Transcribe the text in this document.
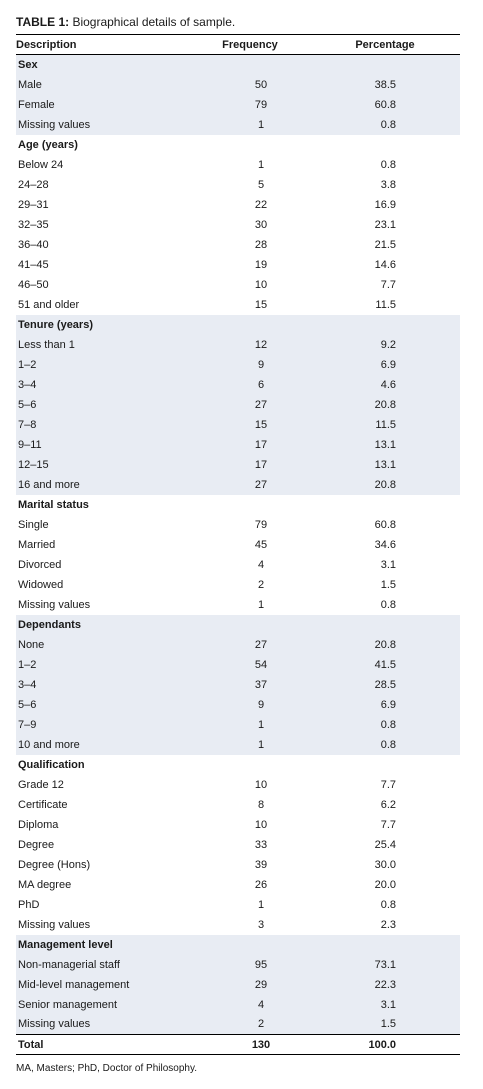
TABLE 1: Biographical details of sample.
Description	Frequency	Percentage
Sex		
Male	50	38.5
Female	79	60.8
Missing values	1	0.8
Age (years)		
Below 24	1	0.8
24–28	5	3.8
29–31	22	16.9
32–35	30	23.1
36–40	28	21.5
41–45	19	14.6
46–50	10	7.7
51 and older	15	11.5
Tenure (years)		
Less than 1	12	9.2
1–2	9	6.9
3–4	6	4.6
5–6	27	20.8
7–8	15	11.5
9–11	17	13.1
12–15	17	13.1
16 and more	27	20.8
Marital status		
Single	79	60.8
Married	45	34.6
Divorced	4	3.1
Widowed	2	1.5
Missing values	1	0.8
Dependants		
None	27	20.8
1–2	54	41.5
3–4	37	28.5
5–6	9	6.9
7–9	1	0.8
10 and more	1	0.8
Qualification		
Grade 12	10	7.7
Certificate	8	6.2
Diploma	10	7.7
Degree	33	25.4
Degree (Hons)	39	30.0
MA degree	26	20.0
PhD	1	0.8
Missing values	3	2.3
Management level		
Non-managerial staff	95	73.1
Mid-level management	29	22.3
Senior management	4	3.1
Missing values	2	1.5
Total	130	100.0
MA, Masters; PhD, Doctor of Philosophy.
